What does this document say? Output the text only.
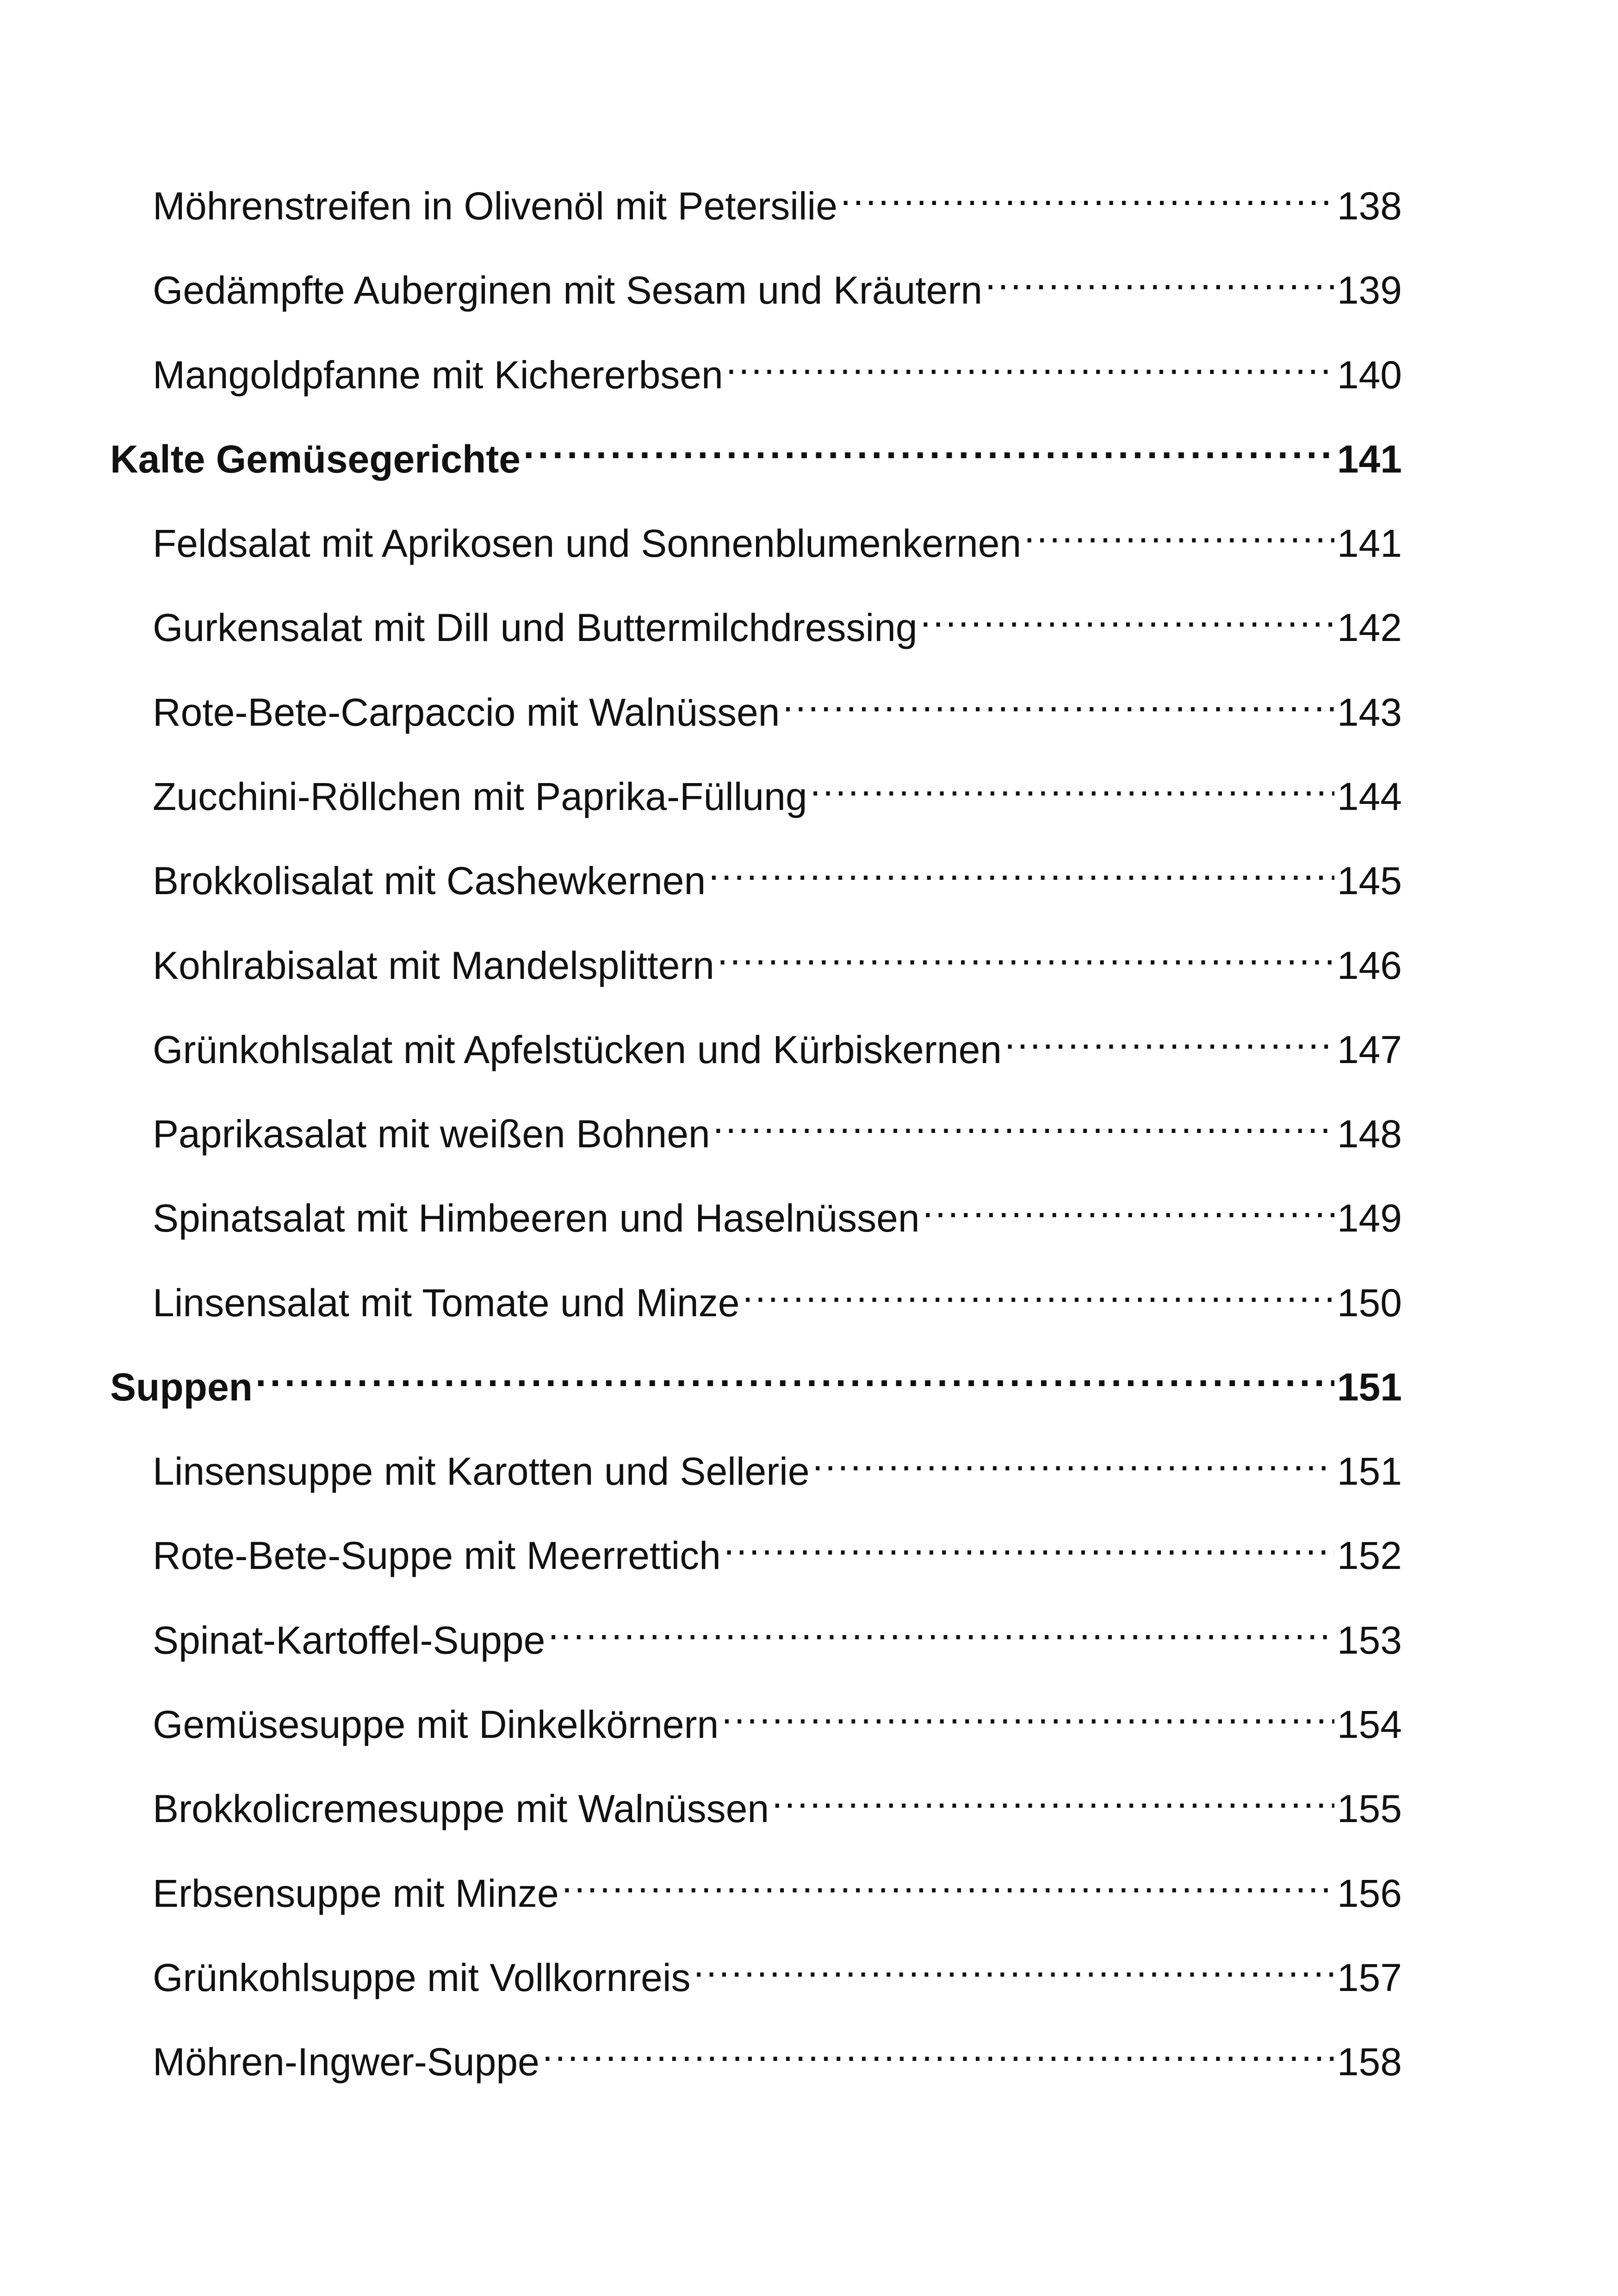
Möhrenstreifen in Olivenöl mit Petersilie .....	138
Gedämpfte Auberginen mit Sesam und Kräutern .....	139
Mangoldpfanne mit Kichererbsen .....	140
Kalte Gemüsegerichte .....	141
Feldsalat mit Aprikosen und Sonnenblumenkernen .....	141
Gurkensalat mit Dill und Buttermilchdressing .....	142
Rote-Bete-Carpaccio mit Walnüssen .....	143
Zucchini-Röllchen mit Paprika-Füllung .....	144
Brokkolisalat mit Cashewkernen .....	145
Kohlrabisalat mit Mandelsplittern .....	146
Grünkohlsalat mit Apfelstücken und Kürbiskernen .....	147
Paprikasalat mit weißen Bohnen .....	148
Spinatsalat mit Himbeeren und Haselnüssen .....	149
Linsensalat mit Tomate und Minze .....	150
Suppen .....	151
Linsensuppe mit Karotten und Sellerie .....	151
Rote-Bete-Suppe mit Meerrettich .....	152
Spinat-Kartoffel-Suppe .....	153
Gemüsesuppe mit Dinkelkörnern .....	154
Brokkolicremesuppe mit Walnüssen .....	155
Erbsensuppe mit Minze .....	156
Grünkohlsuppe mit Vollkornreis .....	157
Möhren-Ingwer-Suppe .....	158
